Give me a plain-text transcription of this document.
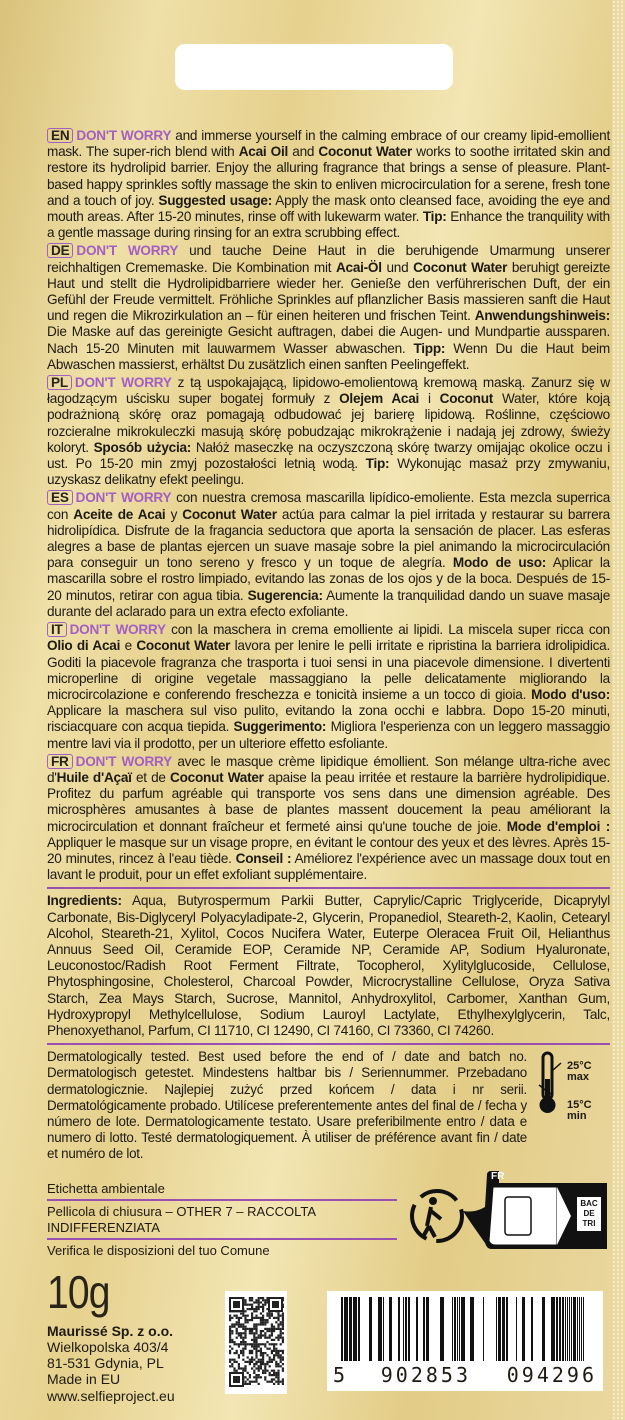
EN DON'T WORRY and immerse yourself in the calming embrace of our creamy lipid-emollient mask. The super-rich blend with Acai Oil and Coconut Water works to soothe irritated skin and restore its hydrolipid barrier. Enjoy the alluring fragrance that brings a sense of pleasure. Plant-based happy sprinkles softly massage the skin to enliven microcirculation for a serene, fresh tone and a touch of joy. Suggested usage: Apply the mask onto cleansed face, avoiding the eye and mouth areas. After 15-20 minutes, rinse off with lukewarm water. Tip: Enhance the tranquility with a gentle massage during rinsing for an extra scrubbing effect.
DE DON'T WORRY und tauche Deine Haut in die beruhigende Umarmung unserer reichhaltigen Crememaske. Die Kombination mit Acai-Öl und Coconut Water beruhigt gereizte Haut und stellt die Hydrolipidbarriere wieder her. Genieße den verführerischen Duft, der ein Gefühl der Freude vermittelt. Fröhliche Sprinkles auf pflanzlicher Basis massieren sanft die Haut und regen die Mikrozirkulation an – für einen heiteren und frischen Teint. Anwendungshinweis: Die Maske auf das gereinigte Gesicht auftragen, dabei die Augen- und Mundpartie aussparen. Nach 15-20 Minuten mit lauwarmem Wasser abwaschen. Tipp: Wenn Du die Haut beim Abwaschen massierst, erhältst Du zusätzlich einen sanften Peelingeffekt.
PL DON'T WORRY z tą uspokajającą, lipidowo-emolientową kremową maską. Zanurz się w łagodzącym uścisku super bogatej formuły z Olejem Acai i Coconut Water, które koją podrażnioną skórę oraz pomagają odbudować jej barierę lipidową. Roślinne, częściowo rozcieralne mikrokuleczki masują skórę pobudzając mikrokrążenie i nadają jej zdrowy, świeży koloryt. Sposób użycia: Nałóż maseczkę na oczyszczoną skórę twarzy omijając okolice oczu i ust. Po 15-20 min zmyj pozostałości letnią wodą. Tip: Wykonując masaż przy zmywaniu, uzyskasz delikatny efekt peelingu.
ES DON'T WORRY con nuestra cremosa mascarilla lipídico-emoliente. Esta mezcla superrica con Aceite de Acai y Coconut Water actúa para calmar la piel irritada y restaurar su barrera hidrolipídica. Disfrute de la fragancia seductora que aporta la sensación de placer. Las esferas alegres a base de plantas ejercen un suave masaje sobre la piel animando la microcirculación para conseguir un tono sereno y fresco y un toque de alegría. Modo de uso: Aplicar la mascarilla sobre el rostro limpiado, evitando las zonas de los ojos y de la boca. Después de 15-20 minutos, retirar con agua tibia. Sugerencia: Aumente la tranquilidad dando un suave masaje durante del aclarado para un extra efecto exfoliante.
IT DON'T WORRY con la maschera in crema emolliente ai lipidi. La miscela super ricca con Olio di Acai e Coconut Water lavora per lenire le pelli irritate e ripristina la barriera idrolipidica. Goditi la piacevole fragranza che trasporta i tuoi sensi in una piacevole dimensione. I divertenti microperline di origine vegetale massaggiano la pelle delicatamente migliorando la microcircolazione e conferendo freschezza e tonicità insieme a un tocco di gioia. Modo d'uso: Applicare la maschera sul viso pulito, evitando la zona occhi e labbra. Dopo 15-20 minuti, risciacquare con acqua tiepida. Suggerimento: Migliora l'esperienza con un leggero massaggio mentre lavi via il prodotto, per un ulteriore effetto esfoliante.
FR DON'T WORRY avec le masque crème lipidique émollient. Son mélange ultra-riche avec d'Huile d'Açaï et de Coconut Water apaise la peau irritée et restaure la barrière hydrolipidique. Profitez du parfum agréable qui transporte vos sens dans une dimension agréable. Des microsphères amusantes à base de plantes massent doucement la peau améliorant la microcirculation et donnant fraîcheur et fermeté ainsi qu'une touche de joie. Mode d'emploi : Appliquer le masque sur un visage propre, en évitant le contour des yeux et des lèvres. Après 15-20 minutes, rincez à l'eau tiède. Conseil : Améliorez l'expérience avec un massage doux tout en lavant le produit, pour un effet exfoliant supplémentaire.
Ingredients: Aqua, Butyrospermum Parkii Butter, Caprylic/Capric Triglyceride, Dicaprylyl Carbonate, Bis-Diglyceryl Polyacyladipate-2, Glycerin, Propanediol, Steareth-2, Kaolin, Cetearyl Alcohol, Steareth-21, Xylitol, Cocos Nucifera Water, Euterpe Oleracea Fruit Oil, Helianthus Annuus Seed Oil, Ceramide EOP, Ceramide NP, Ceramide AP, Sodium Hyaluronate, Leuconostoc/Radish Root Ferment Filtrate, Tocopherol, Xylitylglucoside, Cellulose, Phytosphingosine, Cholesterol, Charcoal Powder, Microcrystalline Cellulose, Oryza Sativa Starch, Zea Mays Starch, Sucrose, Mannitol, Anhydroxylitol, Carbomer, Xanthan Gum, Hydroxypropyl Methylcellulose, Sodium Lauroyl Lactylate, Ethylhexylglycerin, Talc, Phenoxyethanol, Parfum, CI 11710, CI 12490, CI 74160, CI 73360, CI 74260.
Dermatologically tested. Best used before the end of / date and batch no. Dermatologisch getestet. Mindestens haltbar bis / Seriennummer. Przebadano dermatologicznie. Najlepiej zużyć przed końcem / data i nr serii. Dermatológicamente probado. Utilícese preferentemente antes del final de / fecha y número de lote. Dermatologicamente testato. Usare preferibilmente entro / data e numero di lotto. Testé dermatologiquement. À utiliser de préférence avant fin / date et numéro de lot.
25°C
max
15°C
min
Etichetta ambientale
Pellicola di chiusura – OTHER 7 – RACCOLTA INDIFFERENZIATA
Verifica le disposizioni del tuo Comune
FR
BAC
DE
TRI
10g
Maurissé Sp. z o.o.
Wielkopolska 403/4
81-531 Gdynia, PL
Made in EU
www.selfieproject.eu
5 902853 094296
